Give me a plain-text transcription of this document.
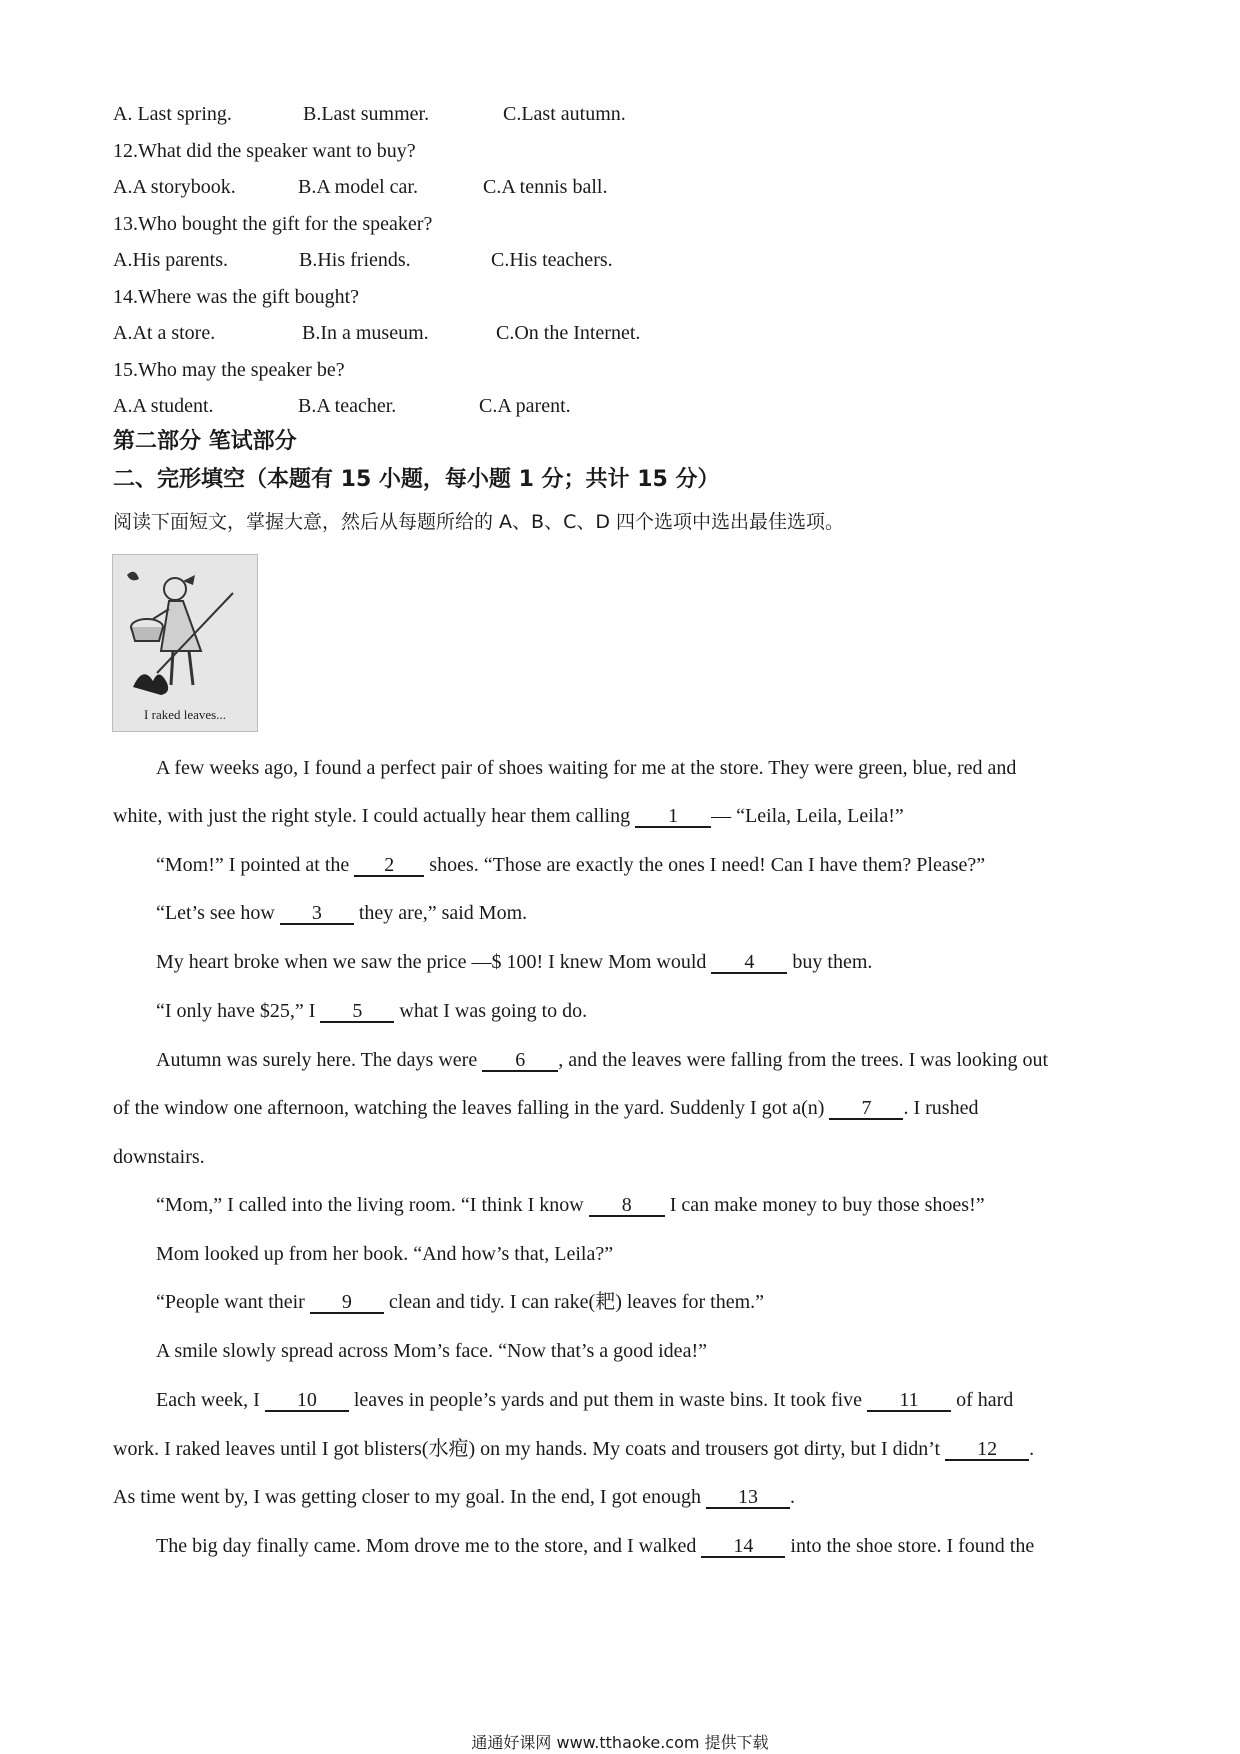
A. Last spring.	B.Last summer.	C.Last autumn.
12.What did the speaker want to buy?
A.A storybook.	B.A model car.	C.A tennis ball.
13.Who bought the gift for the speaker?
A.His parents.	B.His friends.	C.His teachers.
14.Where was the gift bought?
A.At a store.	B.In a museum.	C.On the Internet.
15.Who may the speaker be?
A.A student.	B.A teacher.	C.A parent.
第二部分 笔试部分
二、完形填空（本题有 15 小题，每小题 1 分；共计 15 分）
阅读下面短文，掌握大意，然后从每题所给的 A、B、C、D 四个选项中选出最佳选项。
I raked leaves...
A few weeks ago, I found a perfect pair of shoes waiting for me at the store. They were green, blue, red and
white, with just the right style. I could actually hear them calling 1 — “Leila, Leila, Leila!”
“Mom!” I pointed at the 2 shoes. “Those are exactly the ones I need! Can I have them? Please?”
“Let’s see how 3 they are,” said Mom.
My heart broke when we saw the price —$ 100! I knew Mom would 4 buy them.
“I only have $25,” I 5 what I was going to do.
Autumn was surely here. The days were 6 , and the leaves were falling from the trees. I was looking out
of the window one afternoon, watching the leaves falling in the yard. Suddenly I got a(n) 7 . I rushed
downstairs.
“Mom,” I called into the living room. “I think I know 8 I can make money to buy those shoes!”
Mom looked up from her book. “And how’s that, Leila?”
“People want their 9 clean and tidy. I can rake(耙) leaves for them.”
A smile slowly spread across Mom’s face. “Now that’s a good idea!”
Each week, I 10 leaves in people’s yards and put them in waste bins. It took five 11 of hard
work. I raked leaves until I got blisters(水疱) on my hands. My coats and trousers got dirty, but I didn’t 12 .
As time went by, I was getting closer to my goal. In the end, I got enough 13 .
The big day finally came. Mom drove me to the store, and I walked 14 into the shoe store. I found the
通通好课网 www.tthaoke.com 提供下载
